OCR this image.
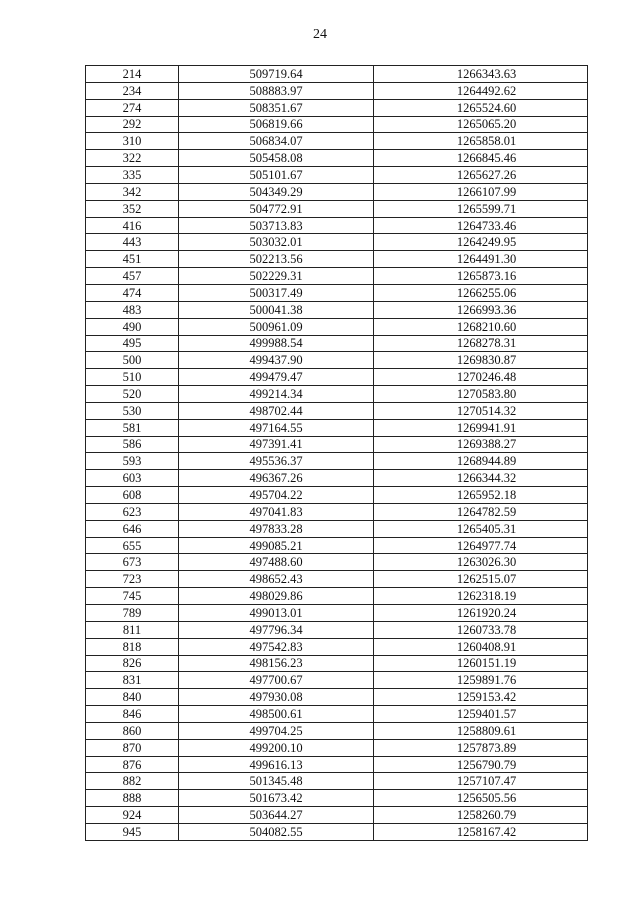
24
214	509719.64	1266343.63
234	508883.97	1264492.62
274	508351.67	1265524.60
292	506819.66	1265065.20
310	506834.07	1265858.01
322	505458.08	1266845.46
335	505101.67	1265627.26
342	504349.29	1266107.99
352	504772.91	1265599.71
416	503713.83	1264733.46
443	503032.01	1264249.95
451	502213.56	1264491.30
457	502229.31	1265873.16
474	500317.49	1266255.06
483	500041.38	1266993.36
490	500961.09	1268210.60
495	499988.54	1268278.31
500	499437.90	1269830.87
510	499479.47	1270246.48
520	499214.34	1270583.80
530	498702.44	1270514.32
581	497164.55	1269941.91
586	497391.41	1269388.27
593	495536.37	1268944.89
603	496367.26	1266344.32
608	495704.22	1265952.18
623	497041.83	1264782.59
646	497833.28	1265405.31
655	499085.21	1264977.74
673	497488.60	1263026.30
723	498652.43	1262515.07
745	498029.86	1262318.19
789	499013.01	1261920.24
811	497796.34	1260733.78
818	497542.83	1260408.91
826	498156.23	1260151.19
831	497700.67	1259891.76
840	497930.08	1259153.42
846	498500.61	1259401.57
860	499704.25	1258809.61
870	499200.10	1257873.89
876	499616.13	1256790.79
882	501345.48	1257107.47
888	501673.42	1256505.56
924	503644.27	1258260.79
945	504082.55	1258167.42
